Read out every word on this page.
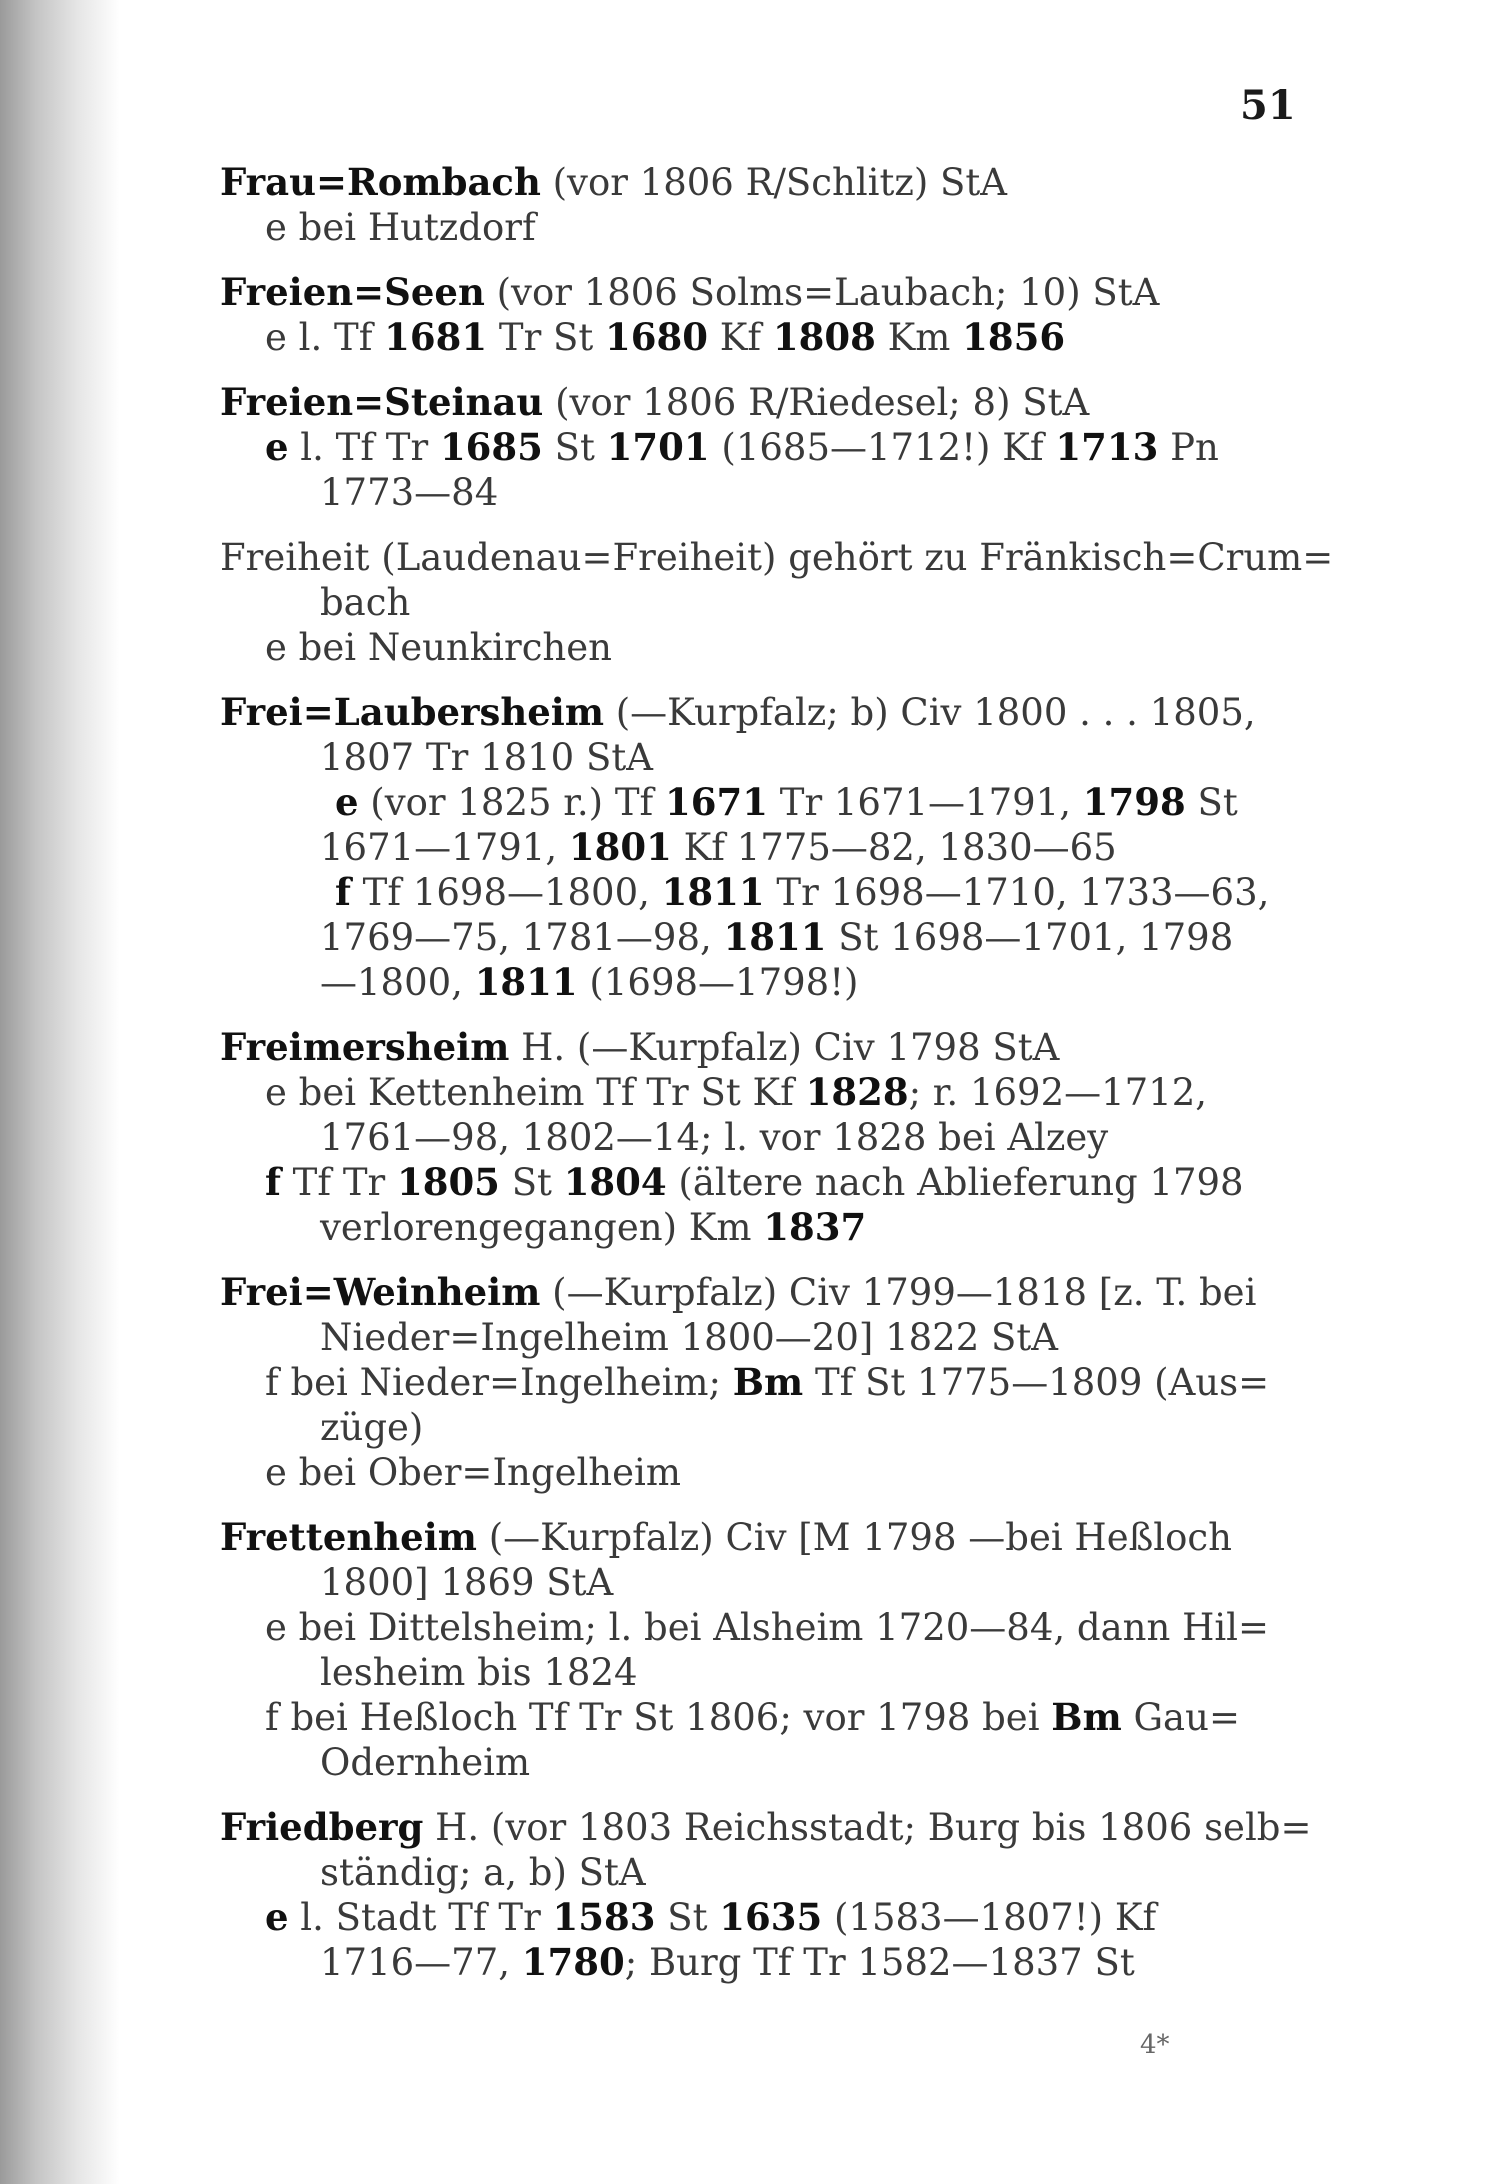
51
Frau=Rombach (vor 1806 R/Schlitz) StA
e bei Hutzdorf
Freien=Seen (vor 1806 Solms=Laubach; 10) StA
e l. Tf 1681 Tr St 1680 Kf 1808 Km 1856
Freien=Steinau (vor 1806 R/Riedesel; 8) StA
e l. Tf Tr 1685 St 1701 (1685—1712!) Kf 1713 Pn
1773—84
Freiheit (Laudenau=Freiheit) gehört zu Fränkisch=Crum=
bach
e bei Neunkirchen
Frei=Laubersheim (—Kurpfalz; b) Civ 1800 . . . 1805,
1807 Tr 1810 StA
e (vor 1825 r.) Tf 1671 Tr 1671—1791, 1798 St
1671—1791, 1801 Kf 1775—82, 1830—65
f Tf 1698—1800, 1811 Tr 1698—1710, 1733—63,
1769—75, 1781—98, 1811 St 1698—1701, 1798
—1800, 1811 (1698—1798!)
Freimersheim H. (—Kurpfalz) Civ 1798 StA
e bei Kettenheim Tf Tr St Kf 1828; r. 1692—1712,
1761—98, 1802—14; l. vor 1828 bei Alzey
f Tf Tr 1805 St 1804 (ältere nach Ablieferung 1798
verlorengegangen) Km 1837
Frei=Weinheim (—Kurpfalz) Civ 1799—1818 [z. T. bei
Nieder=Ingelheim 1800—20] 1822 StA
f bei Nieder=Ingelheim; Bm Tf St 1775—1809 (Aus=
züge)
e bei Ober=Ingelheim
Frettenheim (—Kurpfalz) Civ [M 1798 —bei Heßloch
1800] 1869 StA
e bei Dittelsheim; l. bei Alsheim 1720—84, dann Hil=
lesheim bis 1824
f bei Heßloch Tf Tr St 1806; vor 1798 bei Bm Gau=
Odernheim
Friedberg H. (vor 1803 Reichsstadt; Burg bis 1806 selb=
ständig; a, b) StA
e l. Stadt Tf Tr 1583 St 1635 (1583—1807!) Kf
1716—77, 1780; Burg Tf Tr 1582—1837 St
4*
